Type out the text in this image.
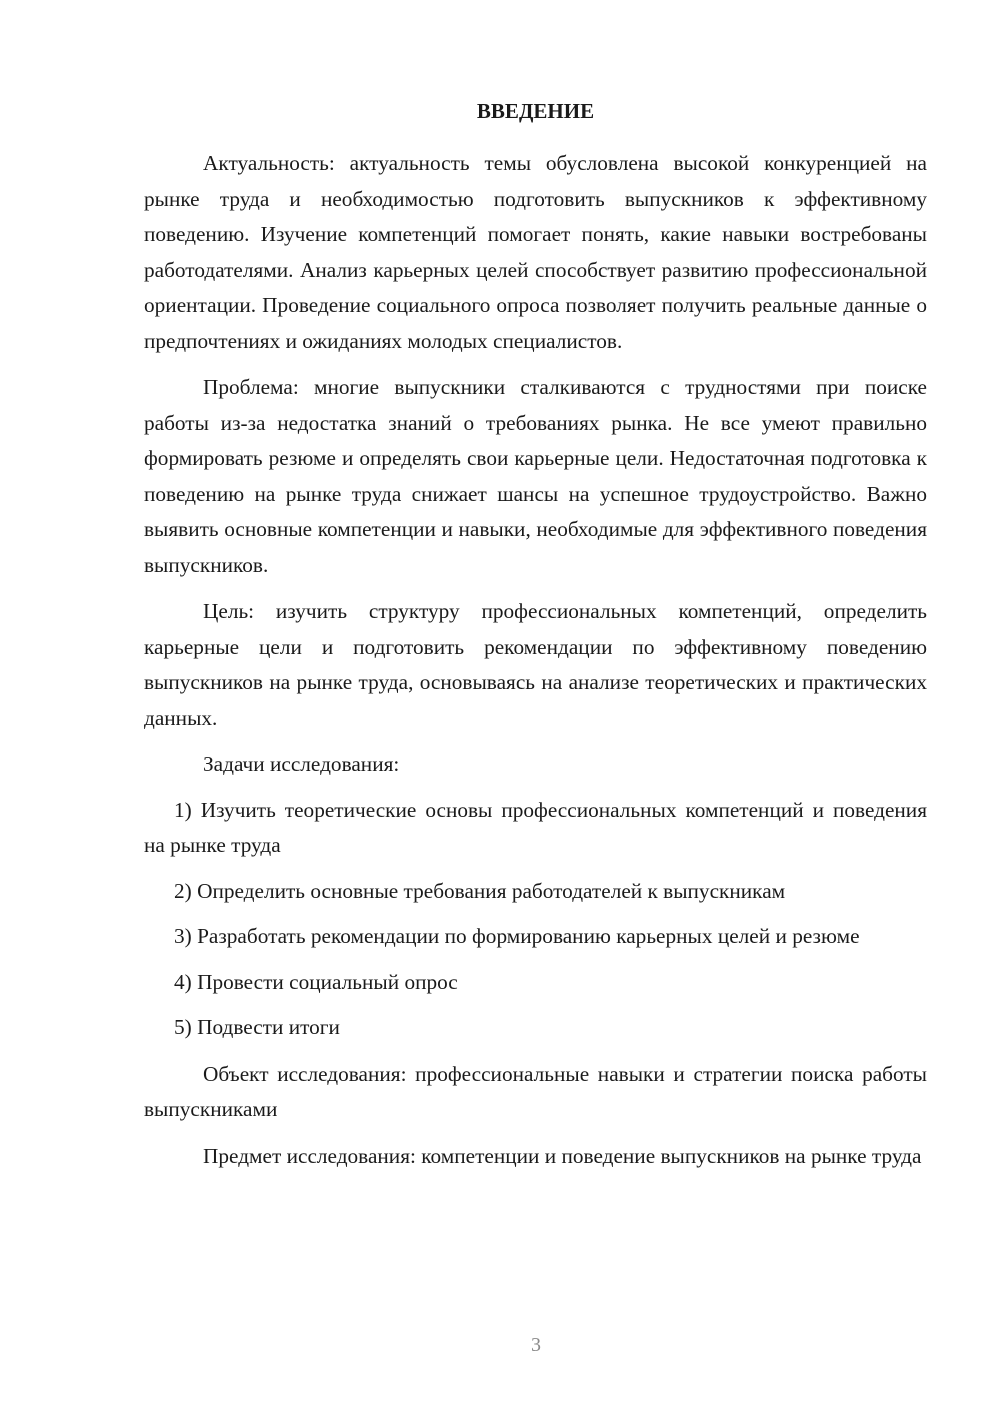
ВВЕДЕНИЕ

Актуальность: актуальность темы обусловлена высокой конкуренцией на рынке труда и необходимостью подготовить выпускников к эффективному поведению. Изучение компетенций помогает понять, какие навыки востребованы работодателями. Анализ карьерных целей способствует развитию профессиональной ориентации. Проведение социального опроса позволяет получить реальные данные о предпочтениях и ожиданиях молодых специалистов.

Проблема: многие выпускники сталкиваются с трудностями при поиске работы из-за недостатка знаний о требованиях рынка. Не все умеют правильно формировать резюме и определять свои карьерные цели. Недостаточная подготовка к поведению на рынке труда снижает шансы на успешное трудоустройство. Важно выявить основные компетенции и навыки, необходимые для эффективного поведения выпускников.

Цель: изучить структуру профессиональных компетенций, определить карьерные цели и подготовить рекомендации по эффективному поведению выпускников на рынке труда, основываясь на анализе теоретических и практических данных.

Задачи исследования:

1) Изучить теоретические основы профессиональных компетенций и поведения на рынке труда

2) Определить основные требования работодателей к выпускникам

3) Разработать рекомендации по формированию карьерных целей и резюме

4) Провести социальный опрос

5) Подвести итоги

Объект исследования: профессиональные навыки и стратегии поиска работы выпускниками

Предмет исследования: компетенции и поведение выпускников на рынке труда

3
